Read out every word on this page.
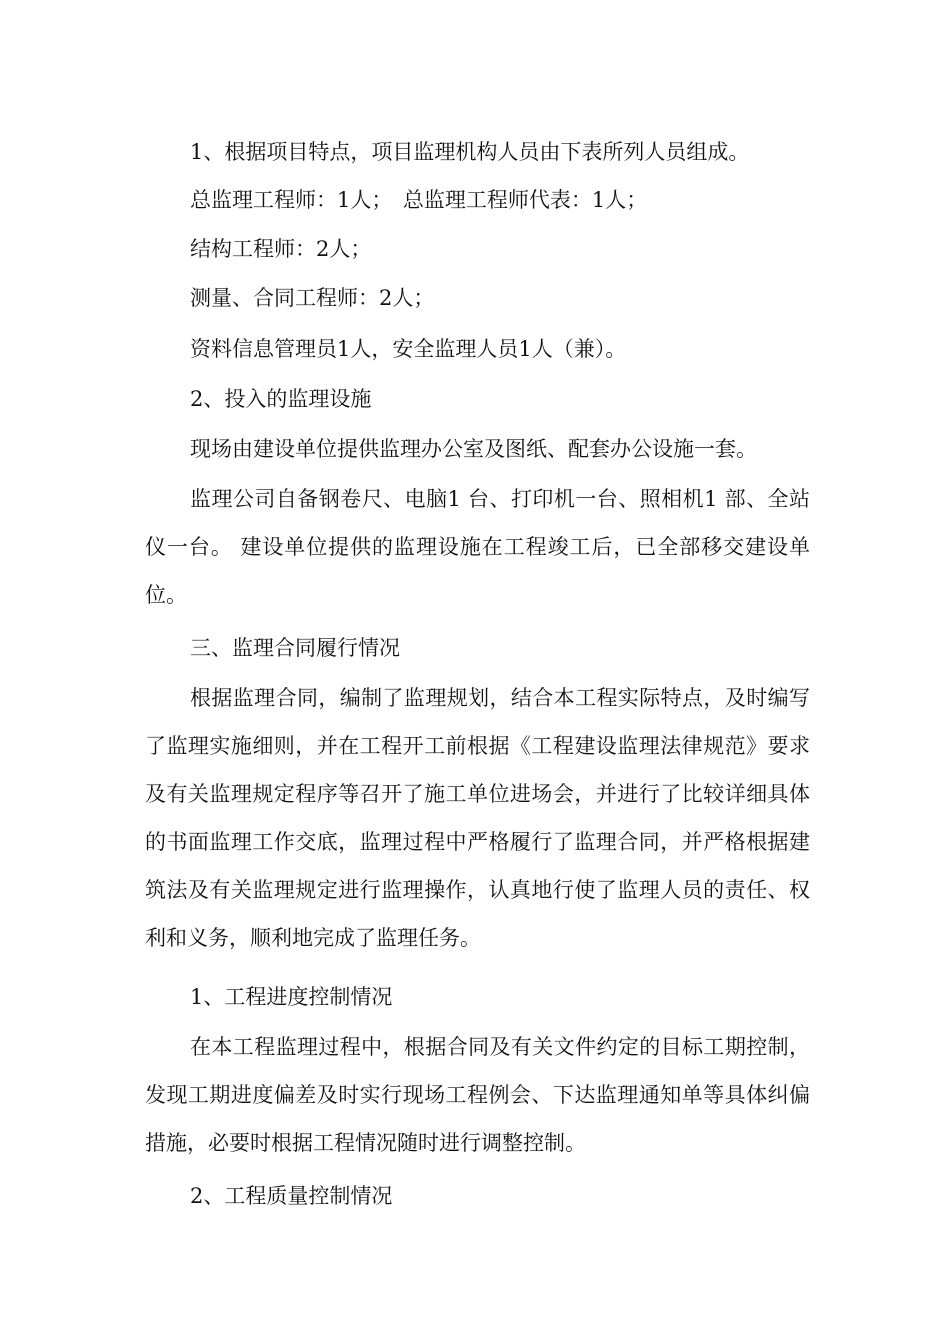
1、根据项目特点，项目监理机构人员由下表所列人员组成。

总监理工程师：1人；　总监理工程师代表：1人；

结构工程师：2人；

测量、合同工程师：2人；

资料信息管理员1人，安全监理人员1人（兼）。

2、投入的监理设施

现场由建设单位提供监理办公室及图纸、配套办公设施一套。

监理公司自备钢卷尺、电脑1 台、打印机一台、照相机1 部、全站仪一台。 建设单位提供的监理设施在工程竣工后，已全部移交建设单位。

三、监理合同履行情况

根据监理合同，编制了监理规划，结合本工程实际特点，及时编写了监理实施细则，并在工程开工前根据《工程建设监理法律规范》要求及有关监理规定程序等召开了施工单位进场会，并进行了比较详细具体的书面监理工作交底，监理过程中严格履行了监理合同，并严格根据建筑法及有关监理规定进行监理操作，认真地行使了监理人员的责任、权利和义务，顺利地完成了监理任务。

1、工程进度控制情况

在本工程监理过程中，根据合同及有关文件约定的目标工期控制，发现工期进度偏差及时实行现场工程例会、下达监理通知单等具体纠偏措施，必要时根据工程情况随时进行调整控制。

2、工程质量控制情况
